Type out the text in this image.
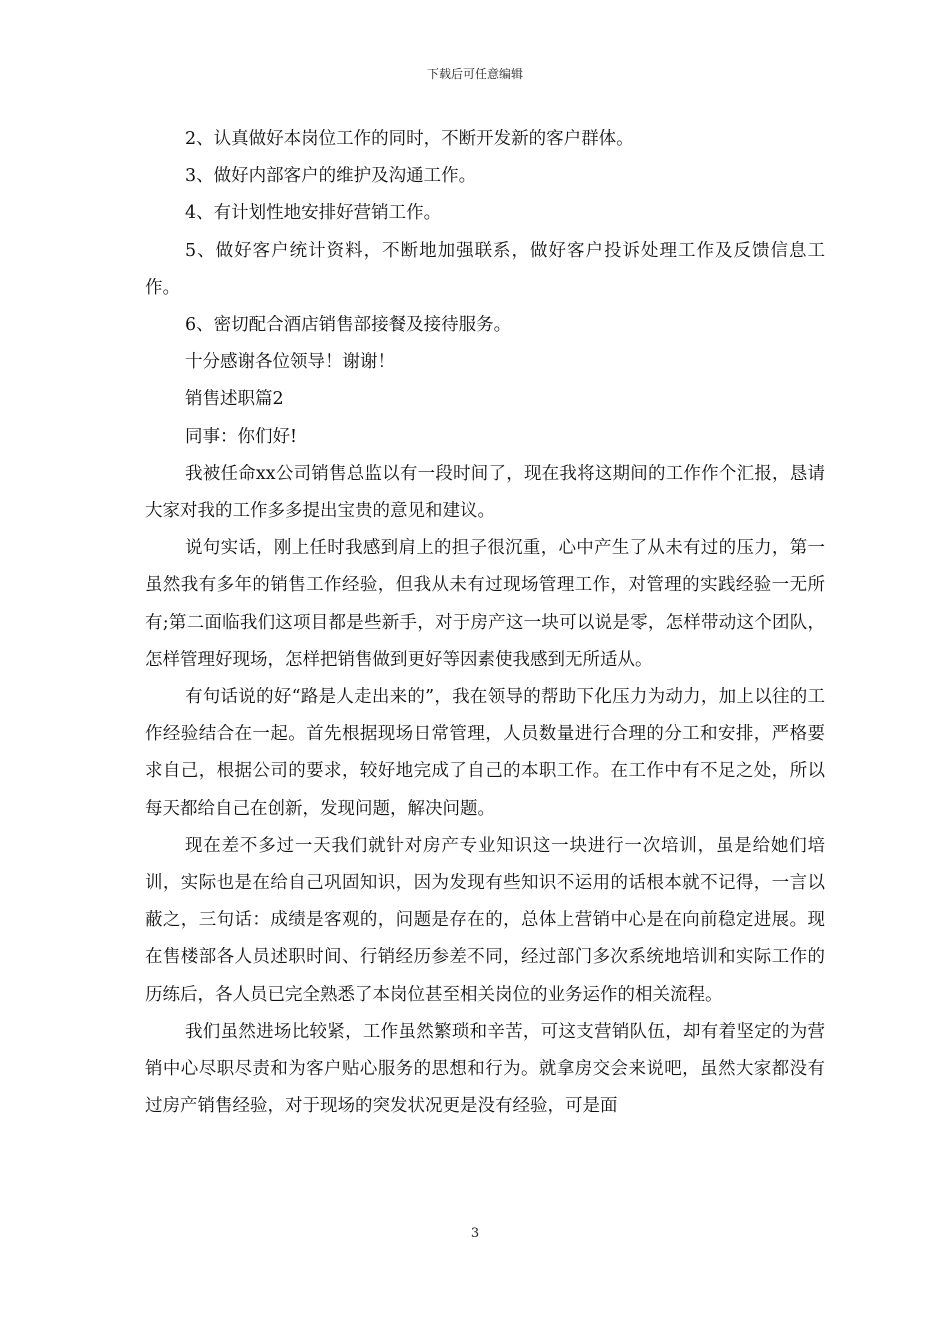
下载后可任意编辑

2、认真做好本岗位工作的同时，不断开发新的客户群体。

3、做好内部客户的维护及沟通工作。

4、有计划性地安排好营销工作。

5、做好客户统计资料，不断地加强联系，做好客户投诉处理工作及反馈信息工作。

6、密切配合酒店销售部接餐及接待服务。

十分感谢各位领导！谢谢！

销售述职篇2

同事：你们好!

我被任命xx公司销售总监以有一段时间了，现在我将这期间的工作作个汇报，恳请大家对我的工作多多提出宝贵的意见和建议。

说句实话，刚上任时我感到肩上的担子很沉重，心中产生了从未有过的压力，第一虽然我有多年的销售工作经验，但我从未有过现场管理工作，对管理的实践经验一无所有;第二面临我们这项目都是些新手，对于房产这一块可以说是零，怎样带动这个团队，怎样管理好现场，怎样把销售做到更好等因素使我感到无所适从。

有句话说的好“路是人走出来的”，我在领导的帮助下化压力为动力，加上以往的工作经验结合在一起。首先根据现场日常管理，人员数量进行合理的分工和安排，严格要求自己，根据公司的要求，较好地完成了自己的本职工作。在工作中有不足之处，所以每天都给自己在创新，发现问题，解决问题。

现在差不多过一天我们就针对房产专业知识这一块进行一次培训，虽是给她们培训，实际也是在给自己巩固知识，因为发现有些知识不运用的话根本就不记得，一言以蔽之，三句话：成绩是客观的，问题是存在的，总体上营销中心是在向前稳定进展。现在售楼部各人员述职时间、行销经历参差不同，经过部门多次系统地培训和实际工作的历练后，各人员已完全熟悉了本岗位甚至相关岗位的业务运作的相关流程。

我们虽然进场比较紧，工作虽然繁琐和辛苦，可这支营销队伍，却有着坚定的为营销中心尽职尽责和为客户贴心服务的思想和行为。就拿房交会来说吧，虽然大家都没有过房产销售经验，对于现场的突发状况更是没有经验，可是面

3
